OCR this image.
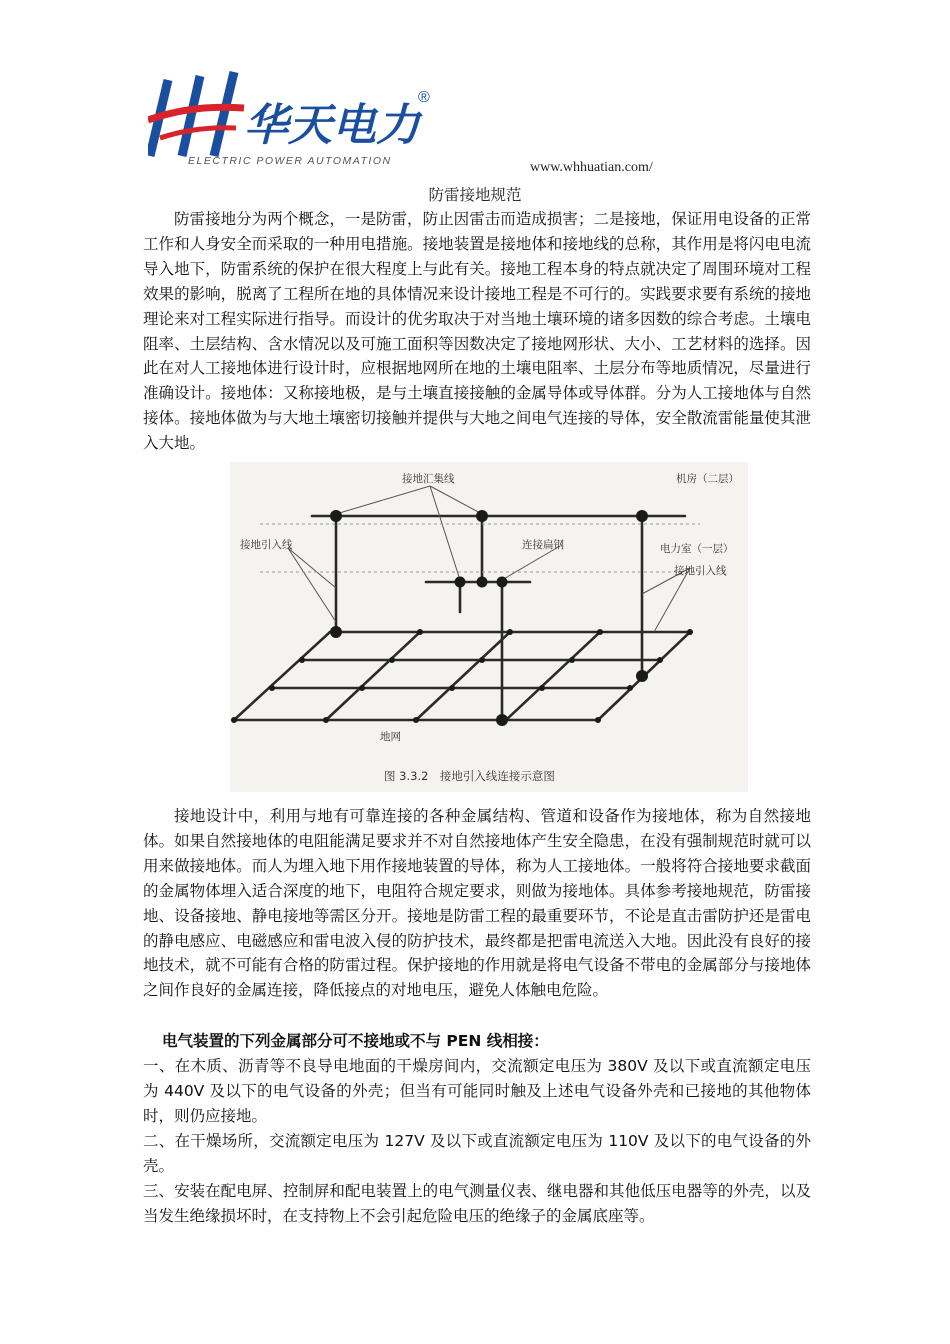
华天电力
®
ELECTRIC POWER AUTOMATION	www.whhuatian.com/
防雷接地规范

防雷接地分为两个概念，一是防雷，防止因雷击而造成损害；二是接地，保证用电设备的正常工作和人身安全而采取的一种用电措施。接地装置是接地体和接地线的总称，其作用是将闪电电流导入地下，防雷系统的保护在很大程度上与此有关。接地工程本身的特点就决定了周围环境对工程效果的影响，脱离了工程所在地的具体情况来设计接地工程是不可行的。实践要求要有系统的接地理论来对工程实际进行指导。而设计的优劣取决于对当地土壤环境的诸多因数的综合考虑。土壤电阻率、土层结构、含水情况以及可施工面积等因数决定了接地网形状、大小、工艺材料的选择。因此在对人工接地体进行设计时，应根据地网所在地的土壤电阻率、土层分布等地质情况，尽量进行准确设计。接地体：又称接地极，是与土壤直接接触的金属导体或导体群。分为人工接地体与自然接体。接地体做为与大地土壤密切接触并提供与大地之间电气连接的导体，安全散流雷能量使其泄入大地。

接地汇集线	机房（二层）
接地引入线	连接扁钢	电力室（一层）
接地引入线
地网
图 3.3.2　接地引入线连接示意图

接地设计中，利用与地有可靠连接的各种金属结构、管道和设备作为接地体，称为自然接地体。如果自然接地体的电阻能满足要求并不对自然接地体产生安全隐患，在没有强制规范时就可以用来做接地体。而人为埋入地下用作接地装置的导体，称为人工接地体。一般将符合接地要求截面的金属物体埋入适合深度的地下，电阻符合规定要求，则做为接地体。具体参考接地规范，防雷接地、设备接地、静电接地等需区分开。接地是防雷工程的最重要环节，不论是直击雷防护还是雷电的静电感应、电磁感应和雷电波入侵的防护技术，最终都是把雷电流送入大地。因此没有良好的接地技术，就不可能有合格的防雷过程。保护接地的作用就是将电气设备不带电的金属部分与接地体之间作良好的金属连接，降低接点的对地电压，避免人体触电危险。

电气装置的下列金属部分可不接地或不与 PEN 线相接：

一、在木质、沥青等不良导电地面的干燥房间内，交流额定电压为 380V 及以下或直流额定电压为 440V 及以下的电气设备的外壳；但当有可能同时触及上述电气设备外壳和已接地的其他物体时，则仍应接地。

二、在干燥场所，交流额定电压为 127V 及以下或直流额定电压为 110V 及以下的电气设备的外壳。

三、安装在配电屏、控制屏和配电装置上的电气测量仪表、继电器和其他低压电器等的外壳，以及当发生绝缘损坏时，在支持物上不会引起危险电压的绝缘子的金属底座等。
